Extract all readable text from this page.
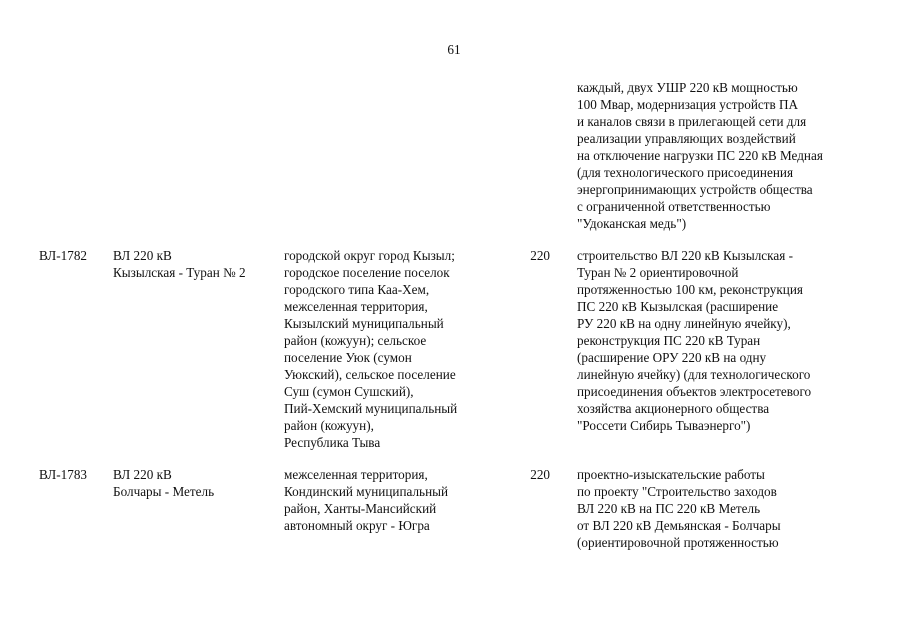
61
каждый, двух УШР 220 кВ мощностью
100 Мвар, модернизация устройств ПА
и каналов связи в прилегающей сети для
реализации управляющих воздействий
на отключение нагрузки ПС 220 кВ Медная
(для технологического присоединения
энергопринимающих устройств общества
с ограниченной ответственностью
"Удоканская медь")
ВЛ-1782	ВЛ 220 кВ
Кызылская - Туран № 2
городской округ город Кызыл;
городское поселение поселок
городского типа Каа-Хем,
межселенная территория,
Кызылский муниципальный
район (кожуун); сельское
поселение Уюк (сумон
Уюкский), сельское поселение
Суш (сумон Сушский),
Пий-Хемский муниципальный
район (кожуун),
Республика Тыва
220 строительство ВЛ 220 кВ Кызылская -
Туран № 2 ориентировочной
протяженностью 100 км, реконструкция
ПС 220 кВ Кызылская (расширение
РУ 220 кВ на одну линейную ячейку),
реконструкция ПС 220 кВ Туран
(расширение ОРУ 220 кВ на одну
линейную ячейку) (для технологического
присоединения объектов электросетевого
хозяйства акционерного общества
"Россети Сибирь Тываэнерго")
ВЛ-1783	ВЛ 220 кВ
Болчары - Метель
межселенная территория,
Кондинский муниципальный
район, Ханты-Мансийский
автономный округ - Югра
220 проектно-изыскательские работы
по проекту "Строительство заходов
ВЛ 220 кВ на ПС 220 кВ Метель
от ВЛ 220 кВ Демьянская - Болчары
(ориентировочной протяженностью
